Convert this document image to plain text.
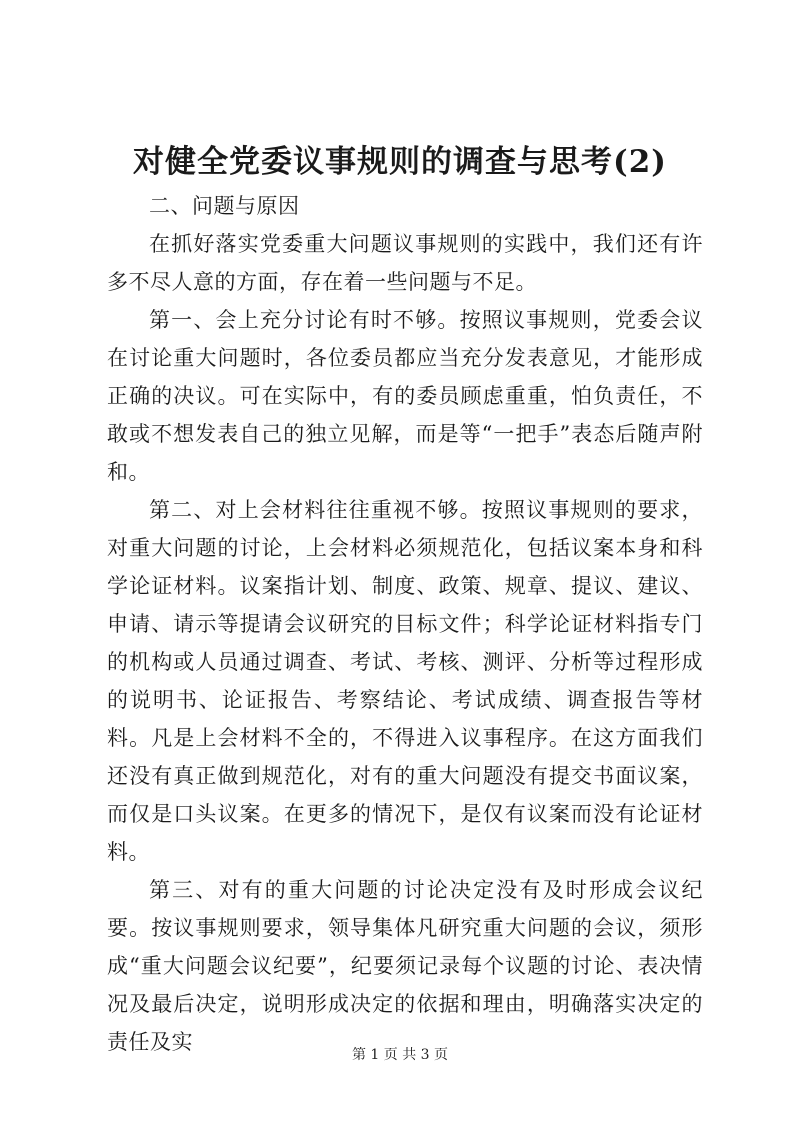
对健全党委议事规则的调查与思考(2)

二、问题与原因

在抓好落实党委重大问题议事规则的实践中，我们还有许多不尽人意的方面，存在着一些问题与不足。

第一、会上充分讨论有时不够。按照议事规则，党委会议在讨论重大问题时，各位委员都应当充分发表意见，才能形成正确的决议。可在实际中，有的委员顾虑重重，怕负责任，不敢或不想发表自己的独立见解，而是等“一把手”表态后随声附和。

第二、对上会材料往往重视不够。按照议事规则的要求，对重大问题的讨论，上会材料必须规范化，包括议案本身和科学论证材料。议案指计划、制度、政策、规章、提议、建议、申请、请示等提请会议研究的目标文件；科学论证材料指专门的机构或人员通过调查、考试、考核、测评、分析等过程形成的说明书、论证报告、考察结论、考试成绩、调查报告等材料。凡是上会材料不全的，不得进入议事程序。在这方面我们还没有真正做到规范化，对有的重大问题没有提交书面议案，而仅是口头议案。在更多的情况下，是仅有议案而没有论证材料。

第三、对有的重大问题的讨论决定没有及时形成会议纪要。按议事规则要求，领导集体凡研究重大问题的会议，须形成“重大问题会议纪要”，纪要须记录每个议题的讨论、表决情况及最后决定，说明形成决定的依据和理由，明确落实决定的责任及实

第 1 页 共 3 页
